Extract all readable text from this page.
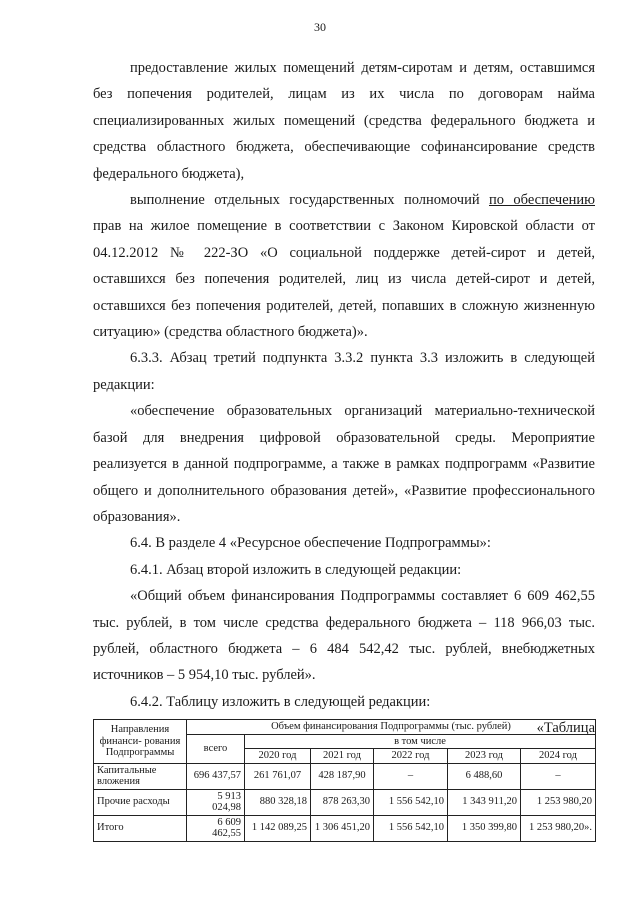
30

предоставление жилых помещений детям-сиротам и детям, оставшимся без попечения родителей, лицам из их числа по договорам найма специализированных жилых помещений (средства федерального бюджета и средства областного бюджета, обеспечивающие софинансирование средств федерального бюджета),

выполнение отдельных государственных полномочий по обеспечению прав на жилое помещение в соответствии с Законом Кировской области от 04.12.2012 № 222-ЗО «О социальной поддержке детей-сирот и детей, оставшихся без попечения родителей, лиц из числа детей-сирот и детей, оставшихся без попечения родителей, детей, попавших в сложную жизненную ситуацию» (средства областного бюджета)».

6.3.3. Абзац третий подпункта 3.3.2 пункта 3.3 изложить в следующей редакции:

«обеспечение образовательных организаций материально-технической базой для внедрения цифровой образовательной среды. Мероприятие реализуется в данной подпрограмме, а также в рамках подпрограмм «Развитие общего и дополнительного образования детей», «Развитие профессионального образования».

6.4. В разделе 4 «Ресурсное обеспечение Подпрограммы»:

6.4.1. Абзац второй изложить в следующей редакции:

«Общий объем финансирования Подпрограммы составляет 6 609 462,55 тыс. рублей, в том числе средства федерального бюджета – 118 966,03 тыс. рублей, областного бюджета – 6 484 542,42 тыс. рублей, внебюджетных источников – 5 954,10 тыс. рублей».

6.4.2. Таблицу изложить в следующей редакции:

«Таблица

Направления финанси- рования Подпрограммы	Объем финансирования Подпрограммы (тыс. рублей)					
	всего	в том числе				
		2020 год	2021 год	2022 год	2023 год	2024 год
Капитальные вложения	696 437,57	261 761,07	428 187,90	–	6 488,60	–
Прочие расходы	5 913 024,98	880 328,18	878 263,30	1 556 542,10	1 343 911,20	1 253 980,20
Итого	6 609 462,55	1 142 089,25	1 306 451,20	1 556 542,10	1 350 399,80	1 253 980,20».
